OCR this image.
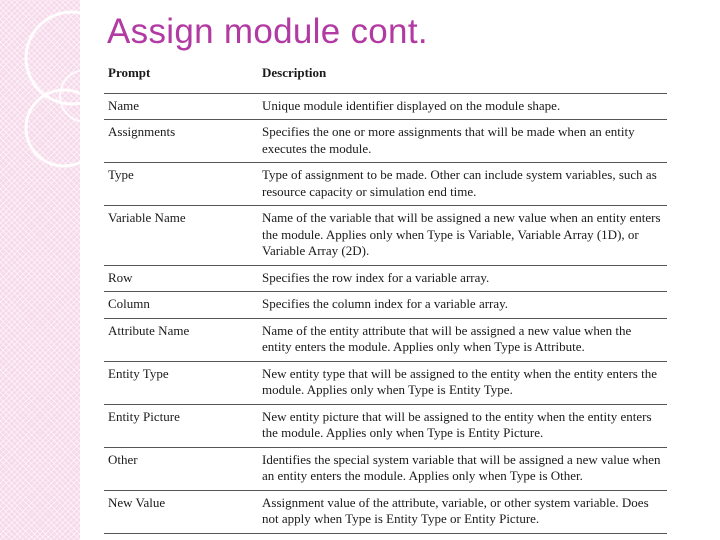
Assign module cont.
Prompt	Description
Name	Unique module identifier displayed on the module shape.
Assignments	Specifies the one or more assignments that will be made when an entity executes the module.
Type	Type of assignment to be made. Other can include system variables, such as resource capacity or simulation end time.
Variable Name	Name of the variable that will be assigned a new value when an entity enters the module. Applies only when Type is Variable, Variable Array (1D), or Variable Array (2D).
Row	Specifies the row index for a variable array.
Column	Specifies the column index for a variable array.
Attribute Name	Name of the entity attribute that will be assigned a new value when the entity enters the module. Applies only when Type is Attribute.
Entity Type	New entity type that will be assigned to the entity when the entity enters the module. Applies only when Type is Entity Type.
Entity Picture	New entity picture that will be assigned to the entity when the entity enters the module. Applies only when Type is Entity Picture.
Other	Identifies the special system variable that will be assigned a new value when an entity enters the module. Applies only when Type is Other.
New Value	Assignment value of the attribute, variable, or other system variable. Does not apply when Type is Entity Type or Entity Picture.
